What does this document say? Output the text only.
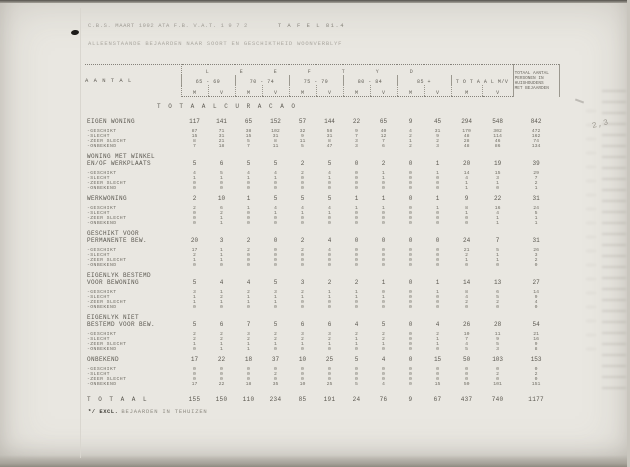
2,3
C.B.S. MAART 1992 ATA F.B. V.A.T. 1 9 7 2	T A F E L 81.4
ALLEENSTAANDE BEJAARDEN NAAR SOORT EN GESCHIKTHEID WOONVERBLYF
A A N T A L	L E E F T Y D												TOTAAL AANTAL
PERSONEN IN
HUISHOUDENS
MET BEJAARDEN

	65 - 69		70 - 74		75 - 79		80 - 84		85 +		T O T A A L M/V		
	M	V	M	V	M	V	M	V	M	V	M	V	
T O T A A L C U R A C A O													

EIGEN WONING	117	141	65	152	57	144	22	65	9	45	294	548	842

-GESCHIKT	87	71	38	102	32	58	9	40	4	31	170	302	472
-SLECHT	15	31	15	31	9	31	7	12	2	9	48	114	162
-ZEER SLECHT	8	21	5	8	11	8	3	7	1	2	28	46	74
-ONBEKEND	7	18	7	11	5	47	3	6	2	3	48	86	134

WONING MET WINKEL													
EN/OF WERKPLAATS	5	6	5	5	2	5	0	2	0	1	20	19	39

-GESCHIKT	4	5	4	4	2	4	0	1	0	1	14	15	29
-SLECHT	1	1	1	1	0	1	0	1	0	0	4	3	7
-ZEER SLECHT	0	0	0	0	0	0	0	0	0	0	1	1	2
-ONBEKEND	0	0	0	0	0	0	0	0	0	0	1	0	1

WERKWONING	2	10	1	5	5	5	1	1	0	1	9	22	31

-GESCHIKT	2	6	1	4	4	4	1	1	0	1	8	16	24
-SLECHT	0	2	0	1	1	1	0	0	0	0	1	4	5
-ZEER SLECHT	0	1	0	0	0	0	0	0	0	0	0	1	1
-ONBEKEND	0	1	0	0	0	0	0	0	0	0	0	1	1

GESCHIKT VOOR													
PERMANENTE BEW.	20	3	2	0	2	4	0	0	0	0	24	7	31

-GESCHIKT	17	1	2	0	2	4	0	0	0	0	21	5	26
-SLECHT	2	1	0	0	0	0	0	0	0	0	2	1	3
-ZEER SLECHT	1	1	0	0	0	0	0	0	0	0	1	1	2
-ONBEKEND	0	0	0	0	0	0	0	0	0	0	0	0	0

EIGENLYK BESTEMD													
VOOR BEWONING	5	4	4	5	3	2	2	1	0	1	14	13	27

-GESCHIKT	3	1	2	3	2	1	1	0	0	1	8	6	14
-SLECHT	1	2	1	1	1	1	1	1	0	0	4	5	9
-ZEER SLECHT	1	1	1	1	0	0	0	0	0	0	2	2	4
-ONBEKEND	0	0	0	0	0	0	0	0	0	0	0	0	0

EIGENLYK NIET													
BESTEMD VOOR BEW.	5	6	7	5	6	6	4	5	0	4	26	28	54

-GESCHIKT	2	2	3	2	3	3	2	2	0	2	10	11	21
-SLECHT	2	2	2	2	2	2	1	2	0	1	7	9	16
-ZEER SLECHT	1	1	1	1	1	1	1	1	0	1	4	5	9
-ONBEKEND	0	1	1	0	0	0	0	0	0	0	5	3	8

ONBEKEND	17	22	18	37	10	25	5	4	0	15	50	103	153

-GESCHIKT	0	0	0	0	0	0	0	0	0	0	0	0	0
-SLECHT	0	0	0	2	0	0	0	0	0	0	0	2	2
-ZEER SLECHT	0	0	0	0	0	0	0	0	0	0	0	0	0
-ONBEKEND	17	22	18	35	10	25	5	4	0	15	50	101	151

T O T A A L	155	150	110	234	85	191	24	76	9	67	437	740	1177
*/ EXCL. BEJAARDEN IN TEHUIZEN
